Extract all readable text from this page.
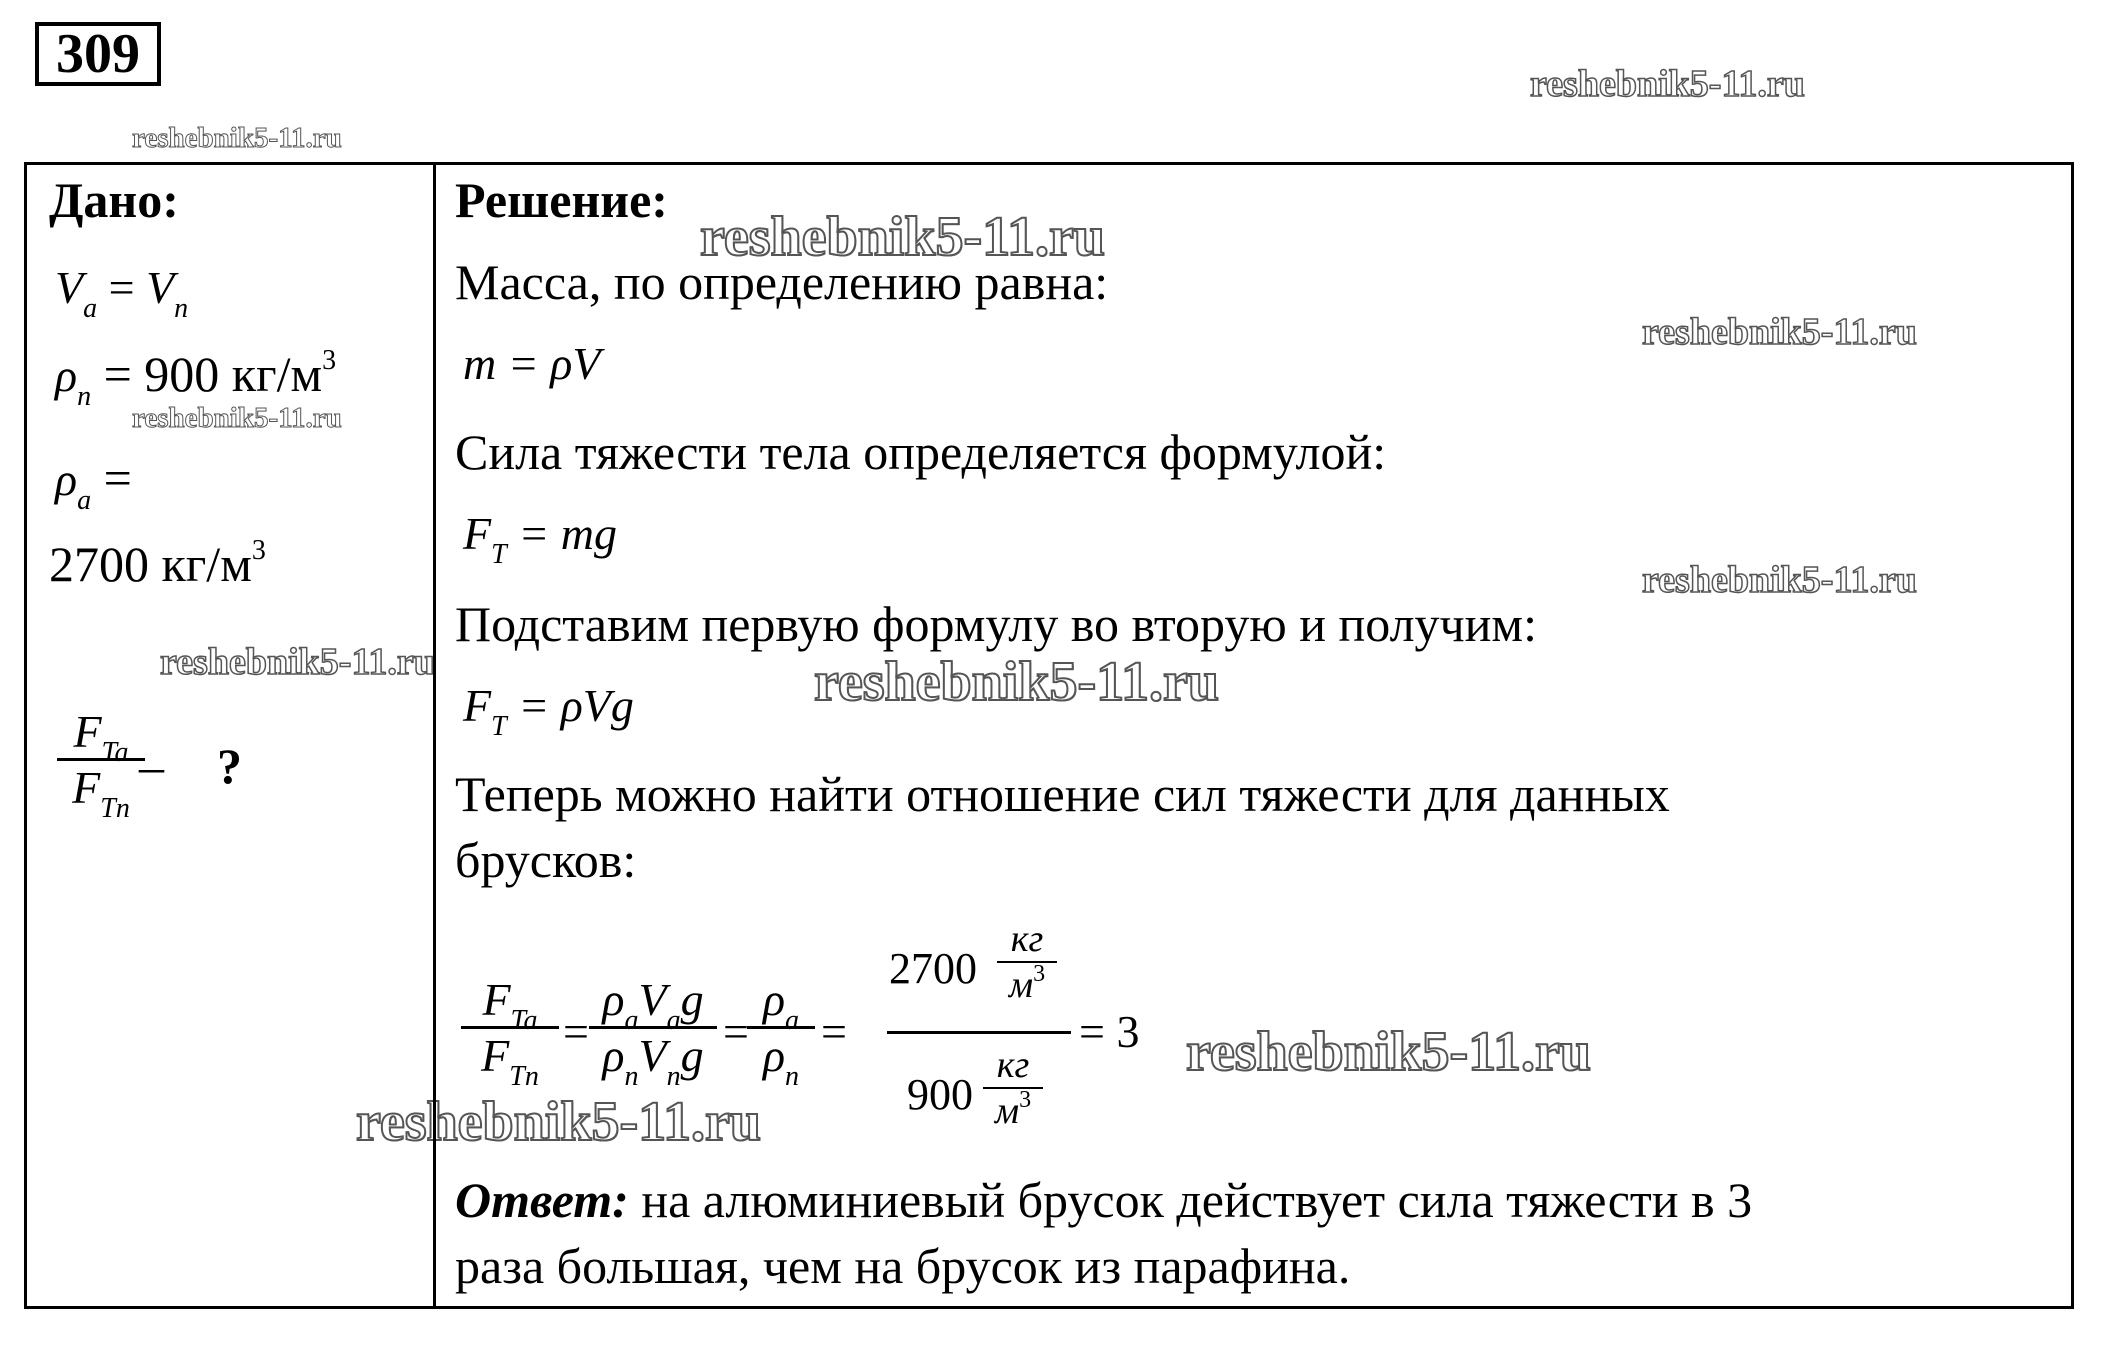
309	reshebnik5-11.ru
reshebnik5-11.ru
reshebnik5-11.ru
reshebnik5-11.ru
reshebnik5-11.ru
reshebnik5-11.ru
reshebnik5-11.ru	reshebnik5-11.ru
reshebnik5-11.ru
reshebnik5-11.ru
Дано:
$V_a = V_n$
$\rho_n = 900$ $кг/м^3$
$\rho_a$ =
2700 $кг/м^3$
$F_{Ta}$
$F_{Tn}$
– ?
Решение:
Масса, по определению равна:
m = ρV
Сила тяжести тела определяется формулой:
$F_T$ = mg
Подставим первую формулу во вторую и получим:
$F_T = \rho Vg$
Теперь можно найти отношение сил тяжести для данных
брусков:
$F_{Ta}$
$F_{Tn}$
=
$\rho_aV_ag$
$\rho_nV_ng$ =
$\rho_a$
$\rho_n$
=
2700
кг
$м^3$
900
кг
$м^3$
= 3
Ответ: на алюминиевый брусок действует сила тяжести в 3
раза большая, чем на брусок из парафина.
